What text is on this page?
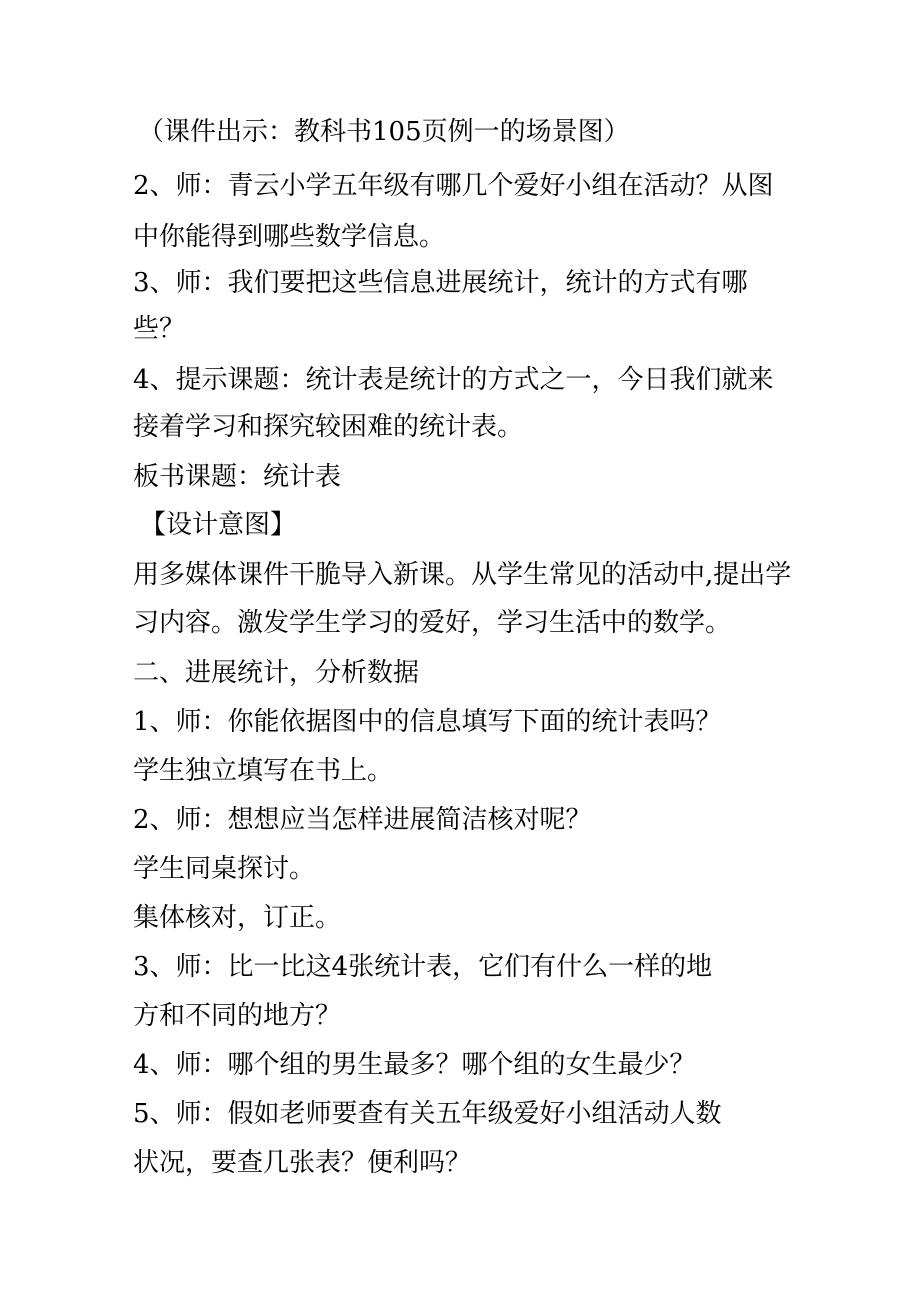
（课件出示：教科书105页例一的场景图）
2、师：青云小学五年级有哪几个爱好小组在活动？从图
中你能得到哪些数学信息。
3、师：我们要把这些信息进展统计，统计的方式有哪
些？
4、提示课题：统计表是统计的方式之一，今日我们就来
接着学习和探究较困难的统计表。
板书课题：统计表
【设计意图】
用多媒体课件干脆导入新课。从学生常见的活动中,提出学
习内容。激发学生学习的爱好，学习生活中的数学。
二、进展统计，分析数据
1、师：你能依据图中的信息填写下面的统计表吗？
学生独立填写在书上。
2、师：想想应当怎样进展简洁核对呢？
学生同桌探讨。
集体核对，订正。
3、师：比一比这4张统计表，它们有什么一样的地
方和不同的地方？
4、师：哪个组的男生最多？哪个组的女生最少？
5、师：假如老师要查有关五年级爱好小组活动人数
状况，要查几张表？便利吗？
